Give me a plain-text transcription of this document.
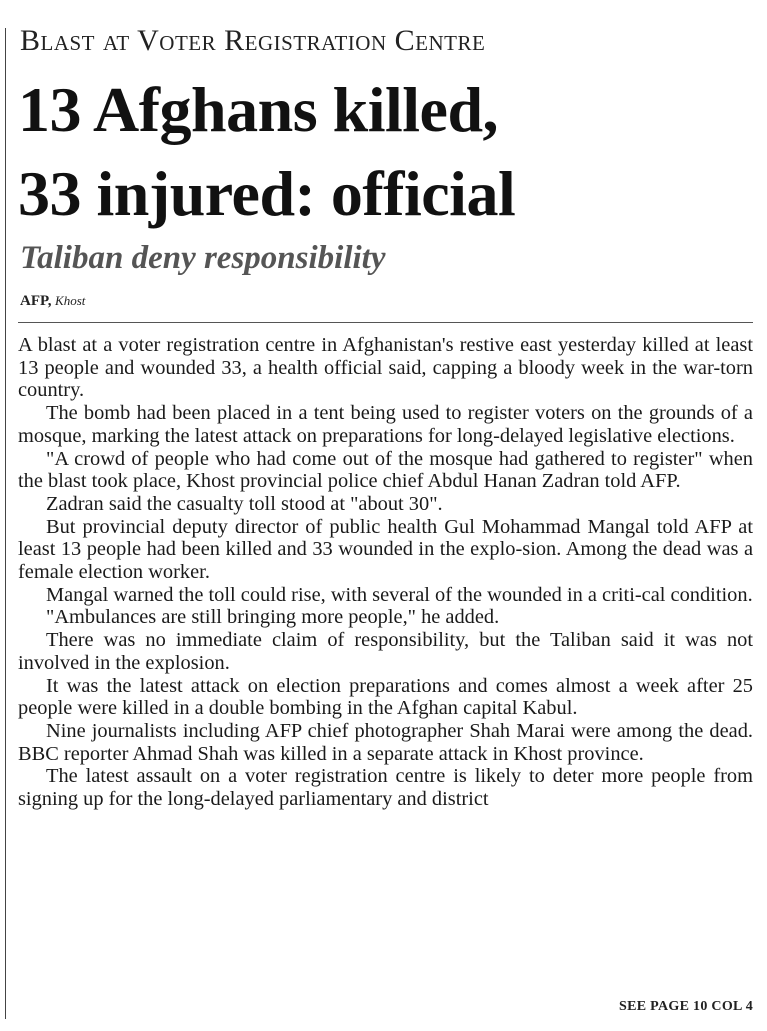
Blast at Voter Registration Centre
13 Afghans killed,
33 injured: official
Taliban deny responsibility
AFP, Khost

A blast at a voter registration centre in Afghanistan's restive east yesterday killed at least 13 people and wounded 33, a health official said, capping a bloody week in the war-torn country.

The bomb had been placed in a tent being used to register voters on the grounds of a mosque, marking the latest attack on preparations for long-delayed legislative elections.

"A crowd of people who had come out of the mosque had gathered to register" when the blast took place, Khost provincial police chief Abdul Hanan Zadran told AFP.

Zadran said the casualty toll stood at "about 30".

But provincial deputy director of public health Gul Mohammad Mangal told AFP at least 13 people had been killed and 33 wounded in the explo-sion. Among the dead was a female election worker.

Mangal warned the toll could rise, with several of the wounded in a criti-cal condition.

"Ambulances are still bringing more people," he added.

There was no immediate claim of responsibility, but the Taliban said it was not involved in the explosion.

It was the latest attack on election preparations and comes almost a week after 25 people were killed in a double bombing in the Afghan capital Kabul.

Nine journalists including AFP chief photographer Shah Marai were among the dead. BBC reporter Ahmad Shah was killed in a separate attack in Khost province.

The latest assault on a voter registration centre is likely to deter more people from signing up for the long-delayed parliamentary and district

SEE PAGE 10 COL 4
